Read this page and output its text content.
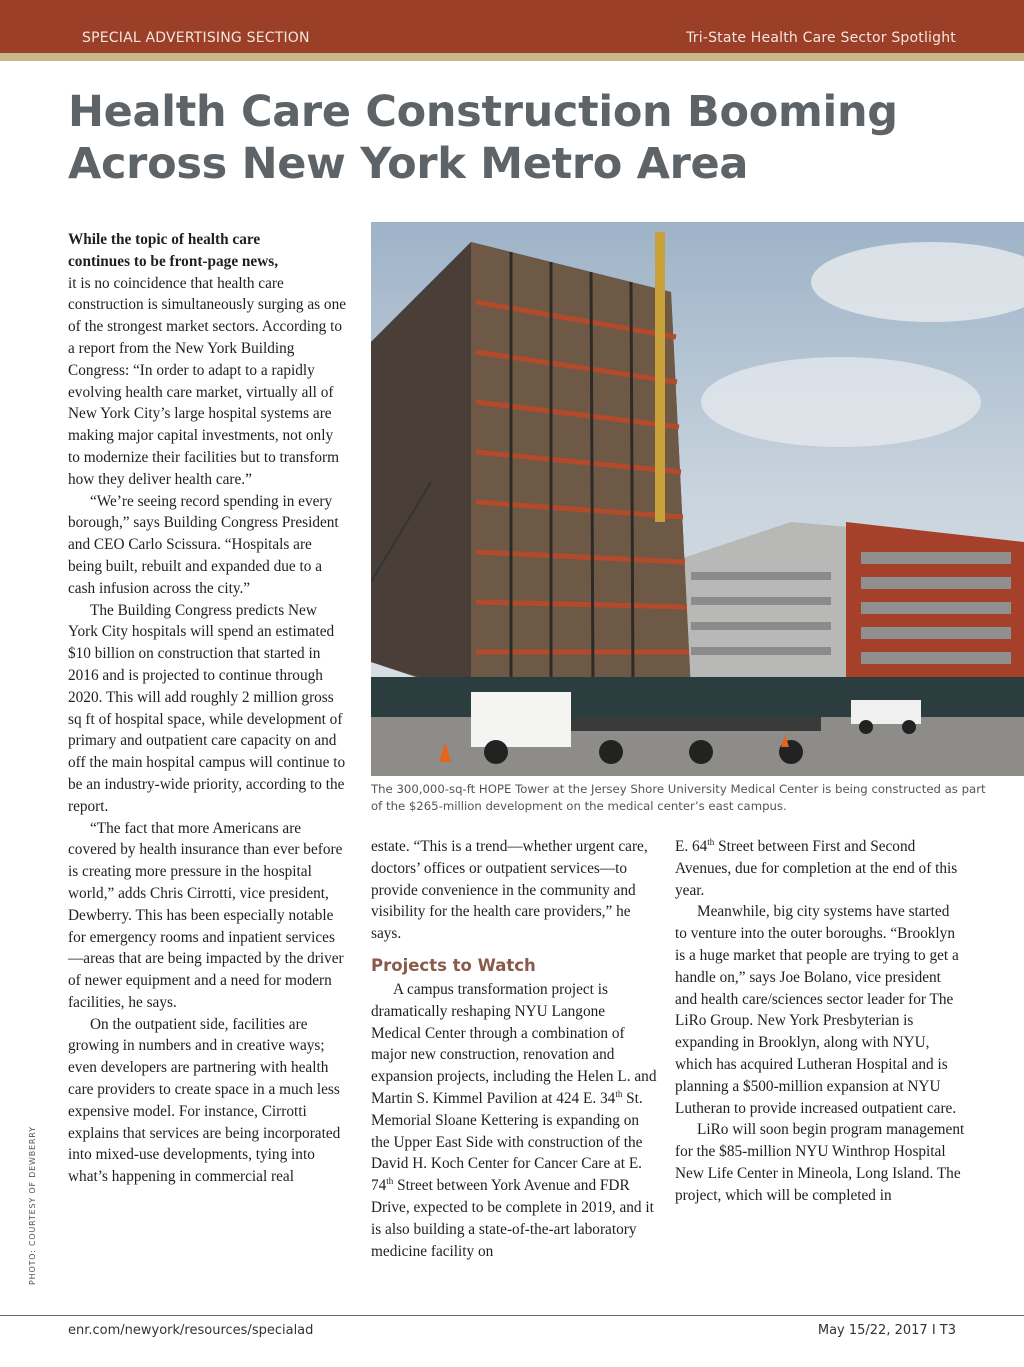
SPECIAL ADVERTISING SECTION	Tri-State Health Care Sector Spotlight
Health Care Construction Booming
Across New York Metro Area

While the topic of health care
continues to be front-page news,
it is no coincidence that health care construction is simultaneously surging as one of the strongest market sectors. According to a report from the New York Building Congress: “In order to adapt to a rapidly evolving health care market, virtually all of New York City’s large hospital systems are making major capital investments, not only to modernize their facilities but to transform how they deliver health care.”

“We’re seeing record spending in every borough,” says Building Congress President and CEO Carlo Scissura. “Hospitals are being built, rebuilt and expanded due to a cash infusion across the city.”

The Building Congress predicts New York City hospitals will spend an estimated $10 billion on construction that started in 2016 and is projected to continue through 2020. This will add roughly 2 million gross sq ft of hospital space, while development of primary and outpatient care capacity on and off the main hospital campus will continue to be an industry-wide priority, according to the report.

“The fact that more Americans are covered by health insurance than ever before is creating more pressure in the hospital world,” adds Chris Cirrotti, vice president, Dewberry. This has been especially notable for emergency rooms and inpatient services—areas that are being impacted by the driver of newer equipment and a need for modern facilities, he says.

On the outpatient side, facilities are growing in numbers and in creative ways; even developers are partnering with health care providers to create space in a much less expensive model. For instance, Cirrotti explains that services are being incorporated into mixed-use developments, tying into what’s happening in commercial real

The 300,000-sq-ft HOPE Tower at the Jersey Shore University Medical Center is being constructed as part of the $265-million development on the medical center’s east campus.

estate. “This is a trend—whether urgent care, doctors’ offices or outpatient services—to provide convenience in the community and visibility for the health care providers,” he says.

Projects to Watch

A campus transformation project is dramatically reshaping NYU Langone Medical Center through a combination of major new construction, renovation and expansion projects, including the Helen L. and Martin S. Kimmel Pavilion at 424 E. 34th St. Memorial Sloane Kettering is expanding on the Upper East Side with construction of the David H. Koch Center for Cancer Care at E. 74th Street between York Avenue and FDR Drive, expected to be complete in 2019, and it is also building a state-of-the-art laboratory medicine facility on

E. 64th Street between First and Second Avenues, due for completion at the end of this year.

Meanwhile, big city systems have started to venture into the outer boroughs. “Brooklyn is a huge market that people are trying to get a handle on,” says Joe Bolano, vice president and health care/sciences sector leader for The LiRo Group. New York Presbyterian is expanding in Brooklyn, along with NYU, which has acquired Lutheran Hospital and is planning a $500-million expansion at NYU Lutheran to provide increased outpatient care.

LiRo will soon begin program management for the $85-million NYU Winthrop Hospital New Life Center in Mineola, Long Island. The project, which will be completed in

PHOTO: COURTESY OF DEWBERRY
enr.com/newyork/resources/specialad	May 15/22, 2017 I T3
